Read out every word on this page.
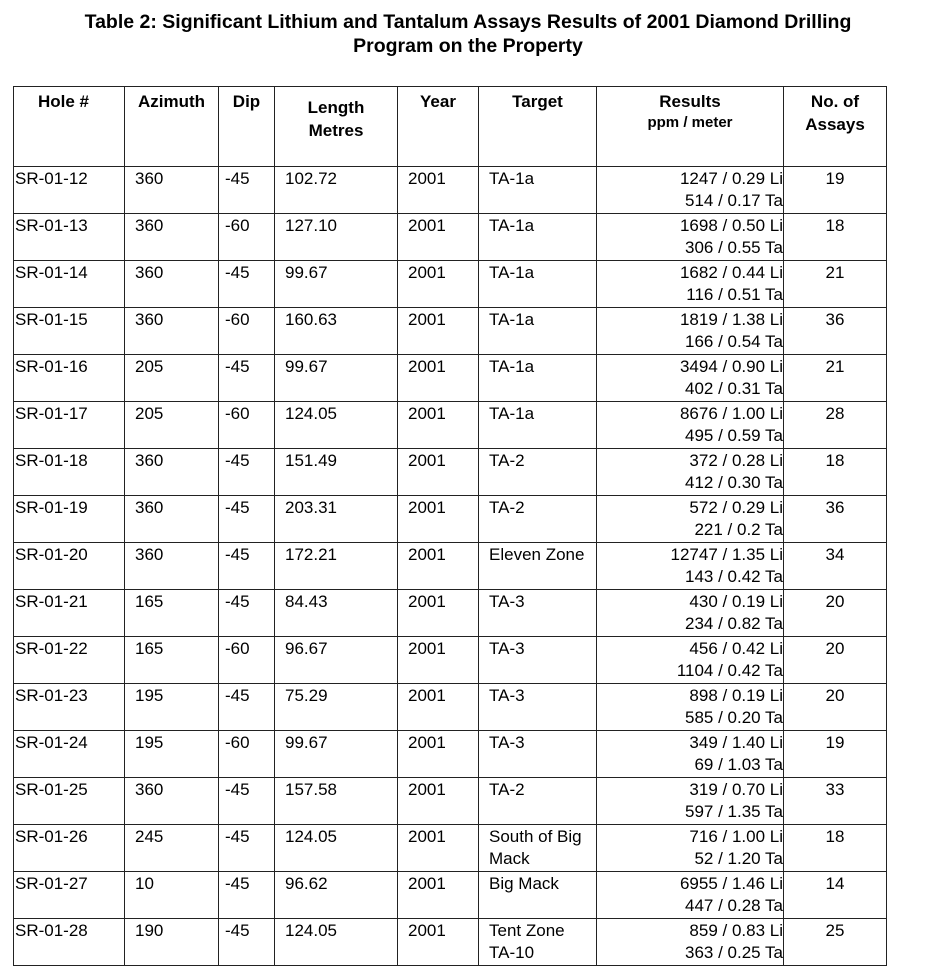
Table 2: Significant Lithium and Tantalum Assays Results of 2001 Diamond Drilling
Program on the Property
Hole #	Azimuth	Dip	Length
Metres	Year	Target	Results
ppm / meter	No. of
Assays
SR-01-12	360	-45	102.72	2001	TA-1a	1247 / 0.29 Li
514 / 0.17 Ta	19
SR-01-13	360	-60	127.10	2001	TA-1a	1698 / 0.50 Li
306 / 0.55 Ta	18
SR-01-14	360	-45	99.67	2001	TA-1a	1682 / 0.44 Li
116 / 0.51 Ta	21
SR-01-15	360	-60	160.63	2001	TA-1a	1819 / 1.38 Li
166 / 0.54 Ta	36
SR-01-16	205	-45	99.67	2001	TA-1a	3494 / 0.90 Li
402 / 0.31 Ta	21
SR-01-17	205	-60	124.05	2001	TA-1a	8676 / 1.00 Li
495 / 0.59 Ta	28
SR-01-18	360	-45	151.49	2001	TA-2	372 / 0.28 Li
412 / 0.30 Ta	18
SR-01-19	360	-45	203.31	2001	TA-2	572 / 0.29 Li
221 / 0.2 Ta	36
SR-01-20	360	-45	172.21	2001	Eleven Zone	12747 / 1.35 Li
143 / 0.42 Ta	34
SR-01-21	165	-45	84.43	2001	TA-3	430 / 0.19 Li
234 / 0.82 Ta	20
SR-01-22	165	-60	96.67	2001	TA-3	456 / 0.42 Li
1104 / 0.42 Ta	20
SR-01-23	195	-45	75.29	2001	TA-3	898 / 0.19 Li
585 / 0.20 Ta	20
SR-01-24	195	-60	99.67	2001	TA-3	349 / 1.40 Li
69 / 1.03 Ta	19
SR-01-25	360	-45	157.58	2001	TA-2	319 / 0.70 Li
597 / 1.35 Ta	33
SR-01-26	245	-45	124.05	2001	South of Big
Mack	716 / 1.00 Li
52 / 1.20 Ta	18
SR-01-27	10	-45	96.62	2001	Big Mack	6955 / 1.46 Li
447 / 0.28 Ta	14
SR-01-28	190	-45	124.05	2001	Tent Zone
TA-10	859 / 0.83 Li
363 / 0.25 Ta	25
